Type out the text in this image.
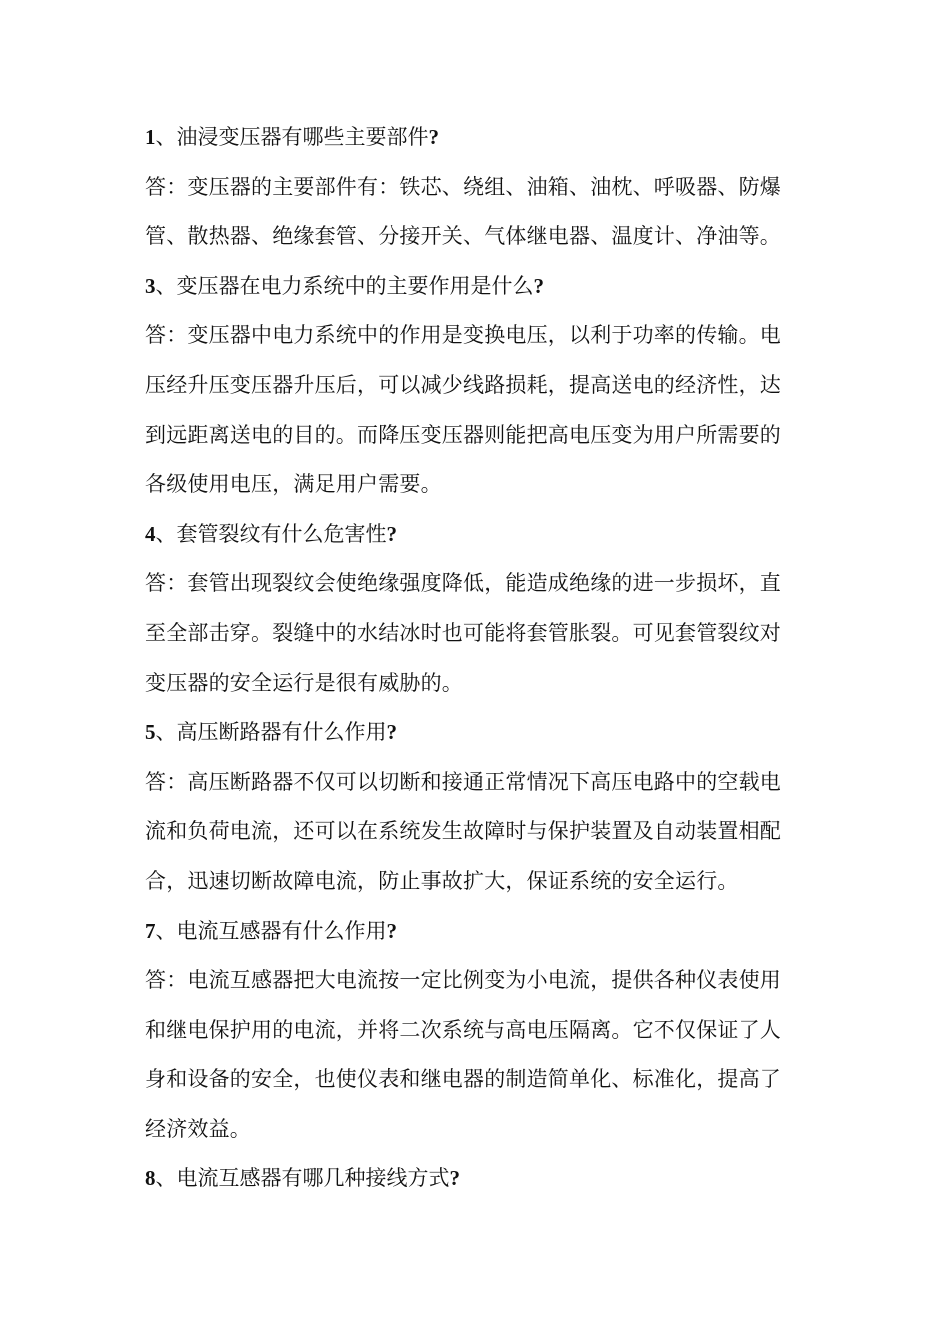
1、油浸变压器有哪些主要部件?

答：变压器的主要部件有：铁芯、绕组、油箱、油枕、呼吸器、防爆

管、散热器、绝缘套管、分接开关、气体继电器、温度计、净油等。

3、变压器在电力系统中的主要作用是什么?

答：变压器中电力系统中的作用是变换电压，以利于功率的传输。电

压经升压变压器升压后，可以减少线路损耗，提高送电的经济性，达

到远距离送电的目的。而降压变压器则能把高电压变为用户所需要的

各级使用电压，满足用户需要。

4、套管裂纹有什么危害性?

答：套管出现裂纹会使绝缘强度降低，能造成绝缘的进一步损坏，直

至全部击穿。裂缝中的水结冰时也可能将套管胀裂。可见套管裂纹对

变压器的安全运行是很有威胁的。

5、高压断路器有什么作用?

答：高压断路器不仅可以切断和接通正常情况下高压电路中的空载电

流和负荷电流，还可以在系统发生故障时与保护装置及自动装置相配

合，迅速切断故障电流，防止事故扩大，保证系统的安全运行。

7、电流互感器有什么作用?

答：电流互感器把大电流按一定比例变为小电流，提供各种仪表使用

和继电保护用的电流，并将二次系统与高电压隔离。它不仅保证了人

身和设备的安全，也使仪表和继电器的制造简单化、标准化，提高了

经济效益。

8、电流互感器有哪几种接线方式?
